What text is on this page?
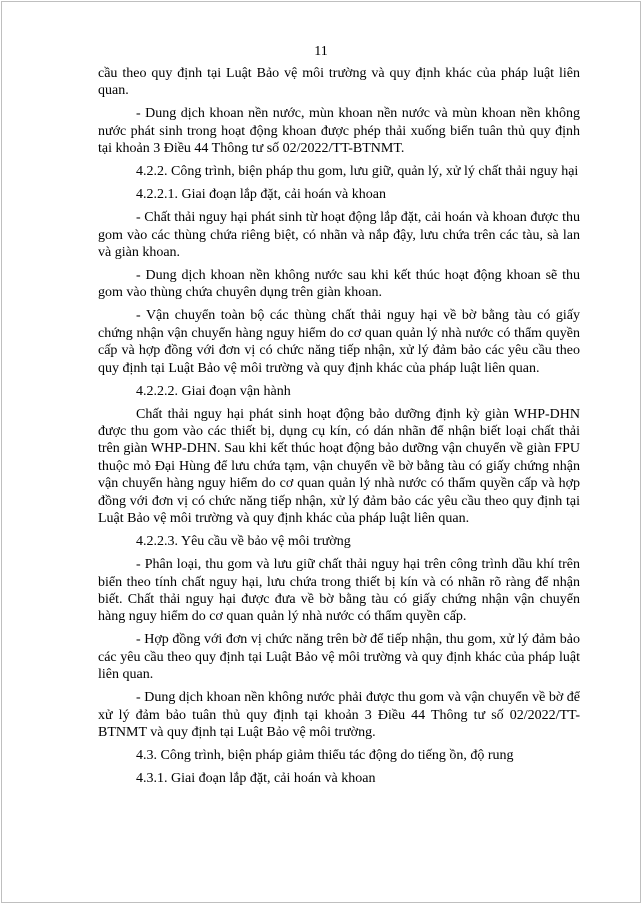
11

cầu theo quy định tại Luật Bảo vệ môi trường và quy định khác của pháp luật liên quan.

- Dung dịch khoan nền nước, mùn khoan nền nước và mùn khoan nền không nước phát sinh trong hoạt động khoan được phép thải xuống biển tuân thủ quy định tại khoản 3 Điều 44 Thông tư số 02/2022/TT-BTNMT.

4.2.2. Công trình, biện pháp thu gom, lưu giữ, quản lý, xử lý chất thải nguy hại

4.2.2.1. Giai đoạn lắp đặt, cải hoán và khoan

- Chất thải nguy hại phát sinh từ hoạt động lắp đặt, cải hoán và khoan được thu gom vào các thùng chứa riêng biệt, có nhãn và nắp đậy, lưu chứa trên các tàu, sà lan và giàn khoan.

- Dung dịch khoan nền không nước sau khi kết thúc hoạt động khoan sẽ thu gom vào thùng chứa chuyên dụng trên giàn khoan.

- Vận chuyển toàn bộ các thùng chất thải nguy hại về bờ bằng tàu có giấy chứng nhận vận chuyển hàng nguy hiểm do cơ quan quản lý nhà nước có thẩm quyền cấp và hợp đồng với đơn vị có chức năng tiếp nhận, xử lý đảm bảo các yêu cầu theo quy định tại Luật Bảo vệ môi trường và quy định khác của pháp luật liên quan.

4.2.2.2. Giai đoạn vận hành

Chất thải nguy hại phát sinh hoạt động bảo dưỡng định kỳ giàn WHP-DHN được thu gom vào các thiết bị, dụng cụ kín, có dán nhãn để nhận biết loại chất thải trên giàn WHP-DHN. Sau khi kết thúc hoạt động bảo dưỡng vận chuyển về giàn FPU thuộc mỏ Đại Hùng để lưu chứa tạm, vận chuyển về bờ bằng tàu có giấy chứng nhận vận chuyển hàng nguy hiểm do cơ quan quản lý nhà nước có thẩm quyền cấp và hợp đồng với đơn vị có chức năng tiếp nhận, xử lý đảm bảo các yêu cầu theo quy định tại Luật Bảo vệ môi trường và quy định khác của pháp luật liên quan.

4.2.2.3. Yêu cầu về bảo vệ môi trường

- Phân loại, thu gom và lưu giữ chất thải nguy hại trên công trình dầu khí trên biển theo tính chất nguy hại, lưu chứa trong thiết bị kín và có nhãn rõ ràng để nhận biết. Chất thải nguy hại được đưa về bờ bằng tàu có giấy chứng nhận vận chuyển hàng nguy hiểm do cơ quan quản lý nhà nước có thẩm quyền cấp.

- Hợp đồng với đơn vị chức năng trên bờ để tiếp nhận, thu gom, xử lý đảm bảo các yêu cầu theo quy định tại Luật Bảo vệ môi trường và quy định khác của pháp luật liên quan.

- Dung dịch khoan nền không nước phải được thu gom và vận chuyển về bờ để xử lý đảm bảo tuân thủ quy định tại khoản 3 Điều 44 Thông tư số 02/2022/TT-BTNMT và quy định tại Luật Bảo vệ môi trường.

4.3. Công trình, biện pháp giảm thiểu tác động do tiếng ồn, độ rung

4.3.1. Giai đoạn lắp đặt, cải hoán và khoan
